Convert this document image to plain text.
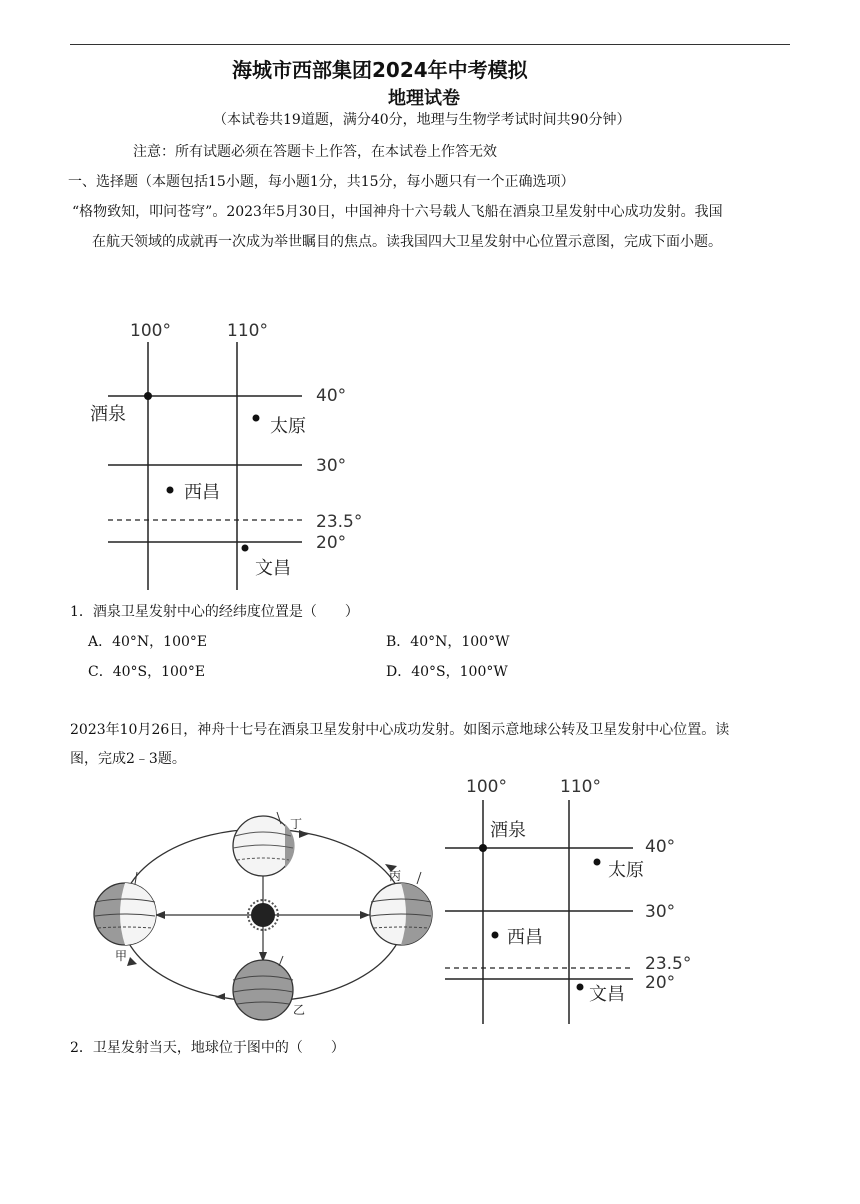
海城市西部集团2024年中考模拟
地理试卷
（本试卷共19道题，满分40分，地理与生物学考试时间共90分钟）
注意：所有试题必须在答题卡上作答，在本试卷上作答无效
一、选择题（本题包括15小题，每小题1分，共15分，每小题只有一个正确选项）
“格物致知，叩问苍穹”。2023年5月30日，中国神舟十六号载人飞船在酒泉卫星发射中心成功发射。我国
在航天领域的成就再一次成为举世瞩目的焦点。读我国四大卫星发射中心位置示意图，完成下面小题。
100°	110°
40°
30°
23.5°
20°
酒泉
太原
西昌
文昌
1．酒泉卫星发射中心的经纬度位置是（　　）
A．40°N，100°E	B．40°N，100°W
C．40°S，100°E	D．40°S，100°W
2023年10月26日，神舟十七号在酒泉卫星发射中心成功发射。如图示意地球公转及卫星发射中心位置。读
图，完成2﹣3题。
甲
乙
丙
丁
100°	110°
40°
30°
23.5°
20°
酒泉
太原
西昌
文昌
2．卫星发射当天，地球位于图中的（　　）
